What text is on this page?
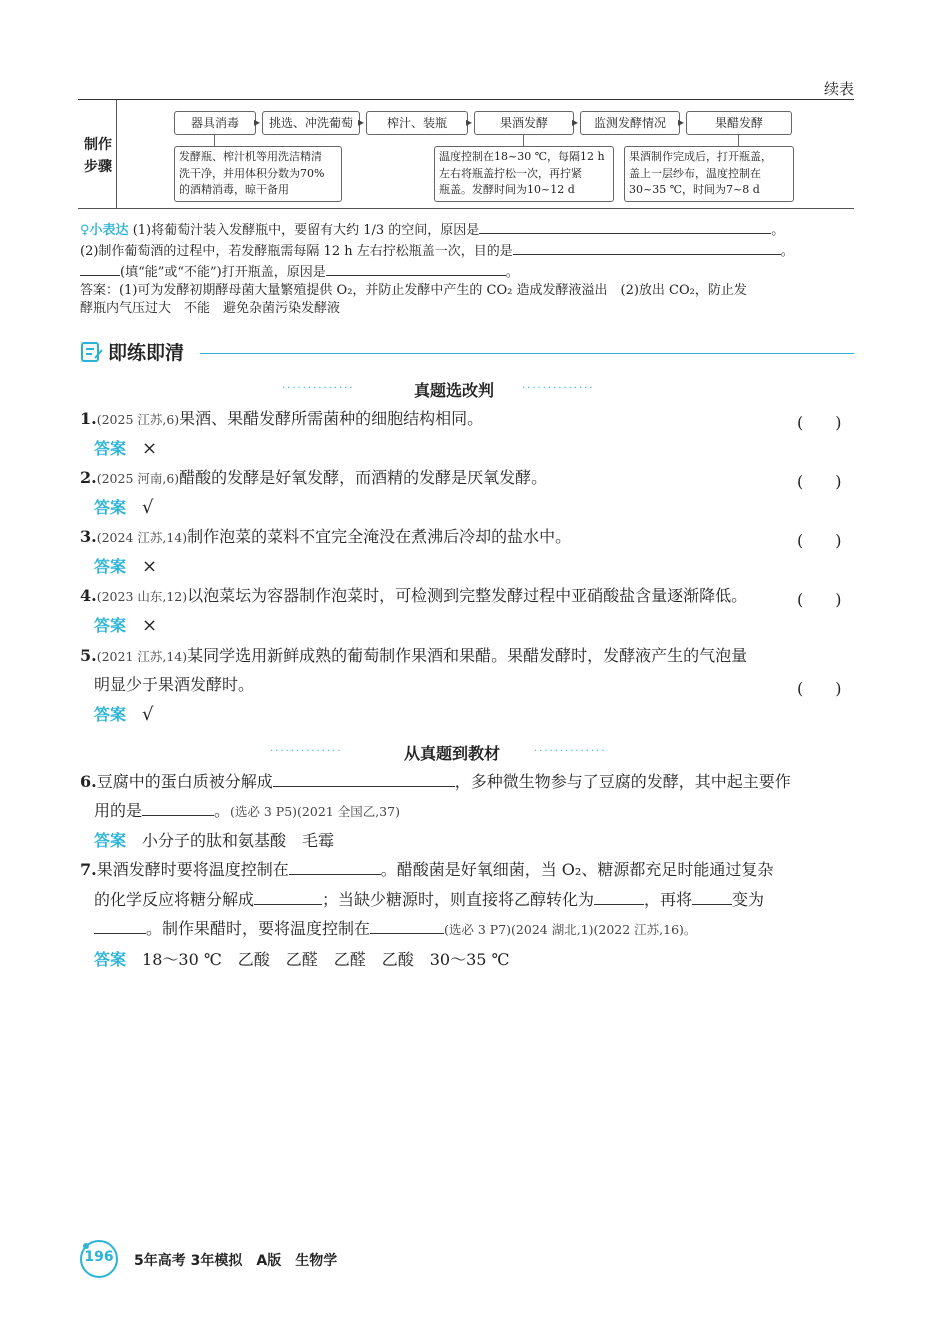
续表
制作
步骤
器具消毒	▸ 挑选、冲洗葡萄 ▸	榨汁、装瓶	▸	果酒发酵	▸	监测发酵情况	▸	果醋发酵
发酵瓶、榨汁机等用洗洁精清
洗干净，并用体积分数为70%
的酒精消毒，晾干备用
温度控制在18~30 ℃，每隔12 h
左右将瓶盖拧松一次，再拧紧
瓶盖。发酵时间为10~12 d
果酒制作完成后，打开瓶盖，
盖上一层纱布，温度控制在
30~35 ℃，时间为7~8 d
♀小表达 (1)将葡萄汁装入发酵瓶中，要留有大约 1/3 的空间，原因是	。
(2)制作葡萄酒的过程中，若发酵瓶需每隔 12 h 左右拧松瓶盖一次，目的是	。
(填“能”或“不能”)打开瓶盖，原因是	。
答案：(1)可为发酵初期酵母菌大量繁殖提供 O₂，并防止发酵中产生的 CO₂ 造成发酵液溢出　(2)放出 CO₂，防止发
酵瓶内气压过大　不能　避免杂菌污染发酵液
即练即清
··············	真题选改判	··············
1.(2025 江苏,6)果酒、果醋发酵所需菌种的细胞结构相同。	(　　)
答案　 ×
2.(2025 河南,6)醋酸的发酵是好氧发酵，而酒精的发酵是厌氧发酵。	(　　)
答案　 √
3.(2024 江苏,14)制作泡菜的菜料不宜完全淹没在煮沸后冷却的盐水中。	(　　)
答案　 ×
4.(2023 山东,12)以泡菜坛为容器制作泡菜时，可检测到完整发酵过程中亚硝酸盐含量逐渐降低。	(　　)
答案　 ×
5.(2021 江苏,14)某同学选用新鲜成熟的葡萄制作果酒和果醋。果醋发酵时，发酵液产生的气泡量
明显少于果酒发酵时。	(　　)
答案　 √
··············	从真题到教材	··············
6.豆腐中的蛋白质被分解成	，多种微生物参与了豆腐的发酵，其中起主要作
用的是	。(选必 3 P5)(2021 全国乙,37)
答案　 小分子的肽和氨基酸　毛霉
7.果酒发酵时要将温度控制在	。醋酸菌是好氧细菌，当 O₂、糖源都充足时能通过复杂
的化学反应将糖分解成	；当缺少糖源时，则直接将乙醇转化为	，再将	变为
。制作果醋时，要将温度控制在	(选必 3 P7)(2024 湖北,1)(2022 江苏,16)。
答案　 18～30 ℃　乙酸　乙醛　乙醛　乙酸　30～35 ℃
196	5年高考 3年模拟　A版　生物学
